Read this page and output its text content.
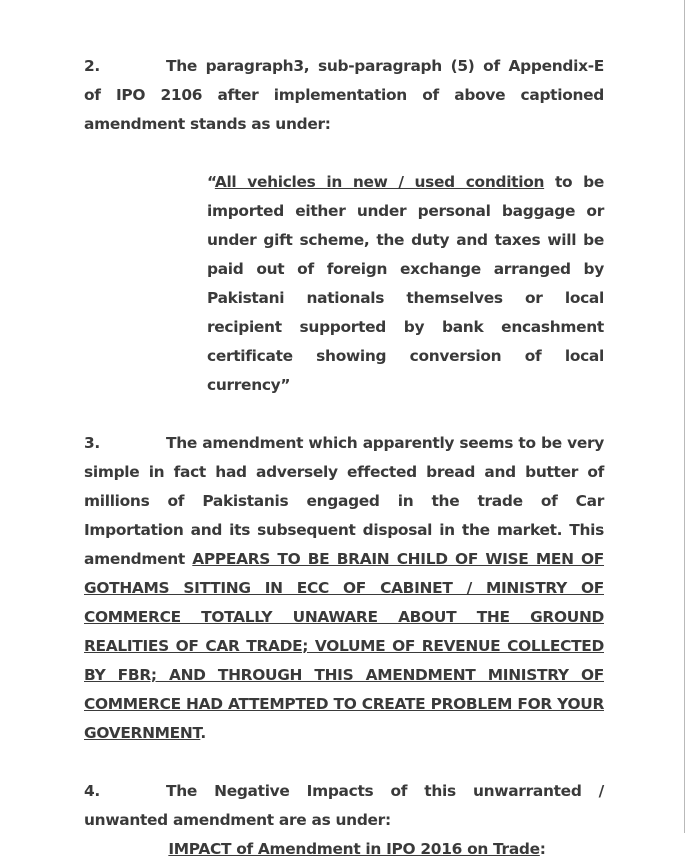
2.	The paragraph3, sub-paragraph (5) of Appendix-E of IPO 2106 after implementation of above captioned amendment stands as under:

“All vehicles in new / used condition to be imported either under personal baggage or under gift scheme, the duty and taxes will be paid out of foreign exchange arranged by Pakistani nationals themselves or local recipient supported by bank encashment certificate showing conversion of local currency”

3.	The amendment which apparently seems to be very simple in fact had adversely effected bread and butter of millions of Pakistanis engaged in the trade of Car Importation and its subsequent disposal in the market. This amendment APPEARS TO BE BRAIN CHILD OF WISE MEN OF GOTHAMS SITTING IN ECC OF CABINET / MINISTRY OF COMMERCE TOTALLY UNAWARE ABOUT THE GROUND REALITIES OF CAR TRADE; VOLUME OF REVENUE COLLECTED BY FBR; AND THROUGH THIS AMENDMENT MINISTRY OF COMMERCE HAD ATTEMPTED TO CREATE PROBLEM FOR YOUR GOVERNMENT.

4.	The Negative Impacts of this unwarranted / unwanted amendment are as under:

IMPACT of Amendment in IPO 2016 on Trade:
